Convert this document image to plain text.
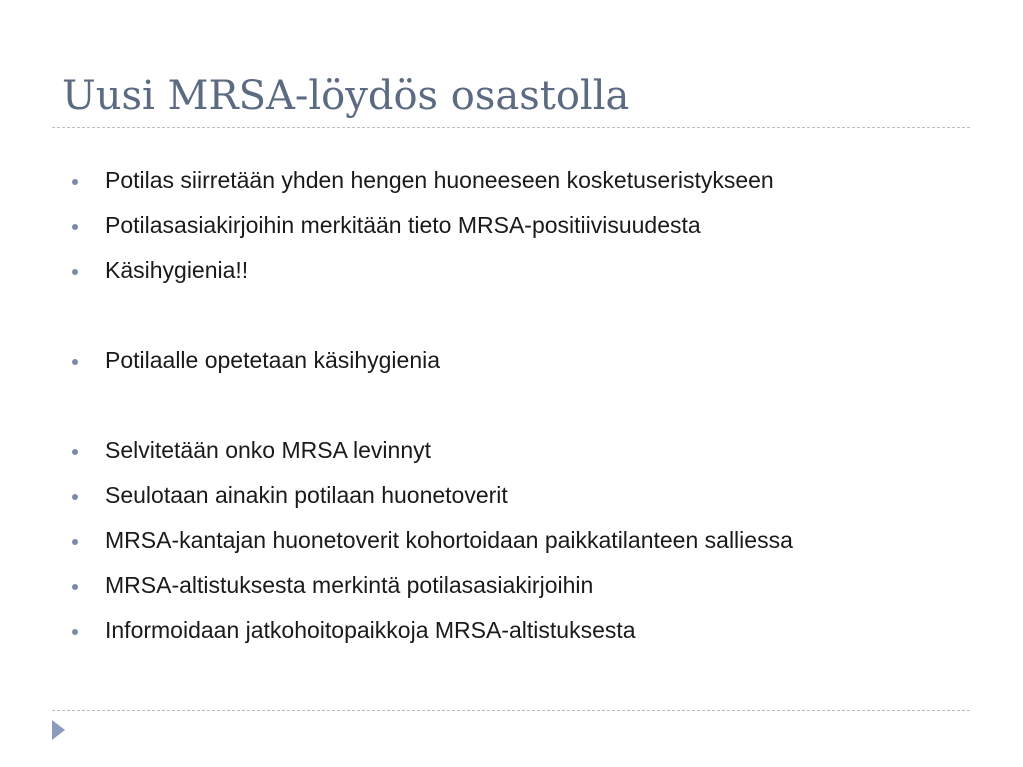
Uusi MRSA-löydös osastolla
Potilas siirretään yhden hengen huoneeseen kosketuseristykseen
Potilasasiakirjoihin merkitään tieto MRSA-positiivisuudesta
Käsihygienia!!
Potilaalle opetetaan käsihygienia
Selvitetään onko MRSA levinnyt
Seulotaan ainakin potilaan huonetoverit
MRSA-kantajan huonetoverit kohortoidaan paikkatilanteen salliessa
MRSA-altistuksesta merkintä potilasasiakirjoihin
Informoidaan jatkohoitopaikkoja MRSA-altistuksesta
